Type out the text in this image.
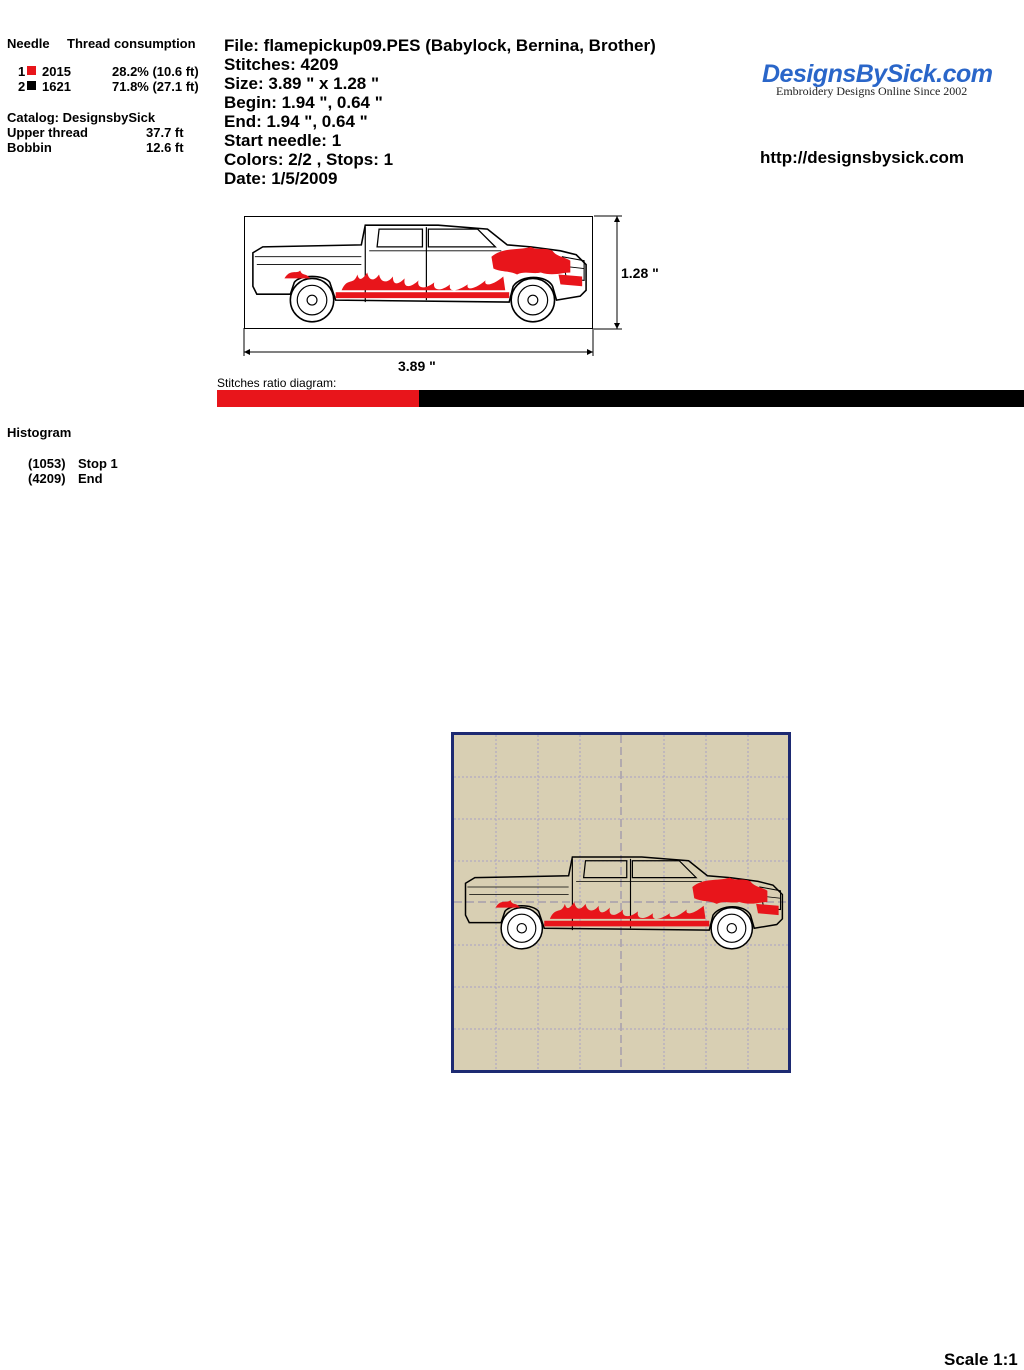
Needle Thread consumption
1 2015	28.2% (10.6 ft)
2 1621	71.8% (27.1 ft)
Catalog: DesignsbySick
Upper thread	37.7 ft
Bobbin	12.6 ft
File: flamepickup09.PES (Babylock, Bernina, Brother)
Stitches: 4209
Size: 3.89 " x 1.28 "
Begin: 1.94 ", 0.64 "
End: 1.94 ", 0.64 "
Start needle: 1
Colors: 2/2 , Stops: 1
Date: 1/5/2009
DesignsBySick.com
Embroidery Designs Online Since 2002
http://designsbysick.com
1.28 "
3.89 "
Stitches ratio diagram:
Histogram
(1053) Stop 1
(4209) End
Scale 1:1
